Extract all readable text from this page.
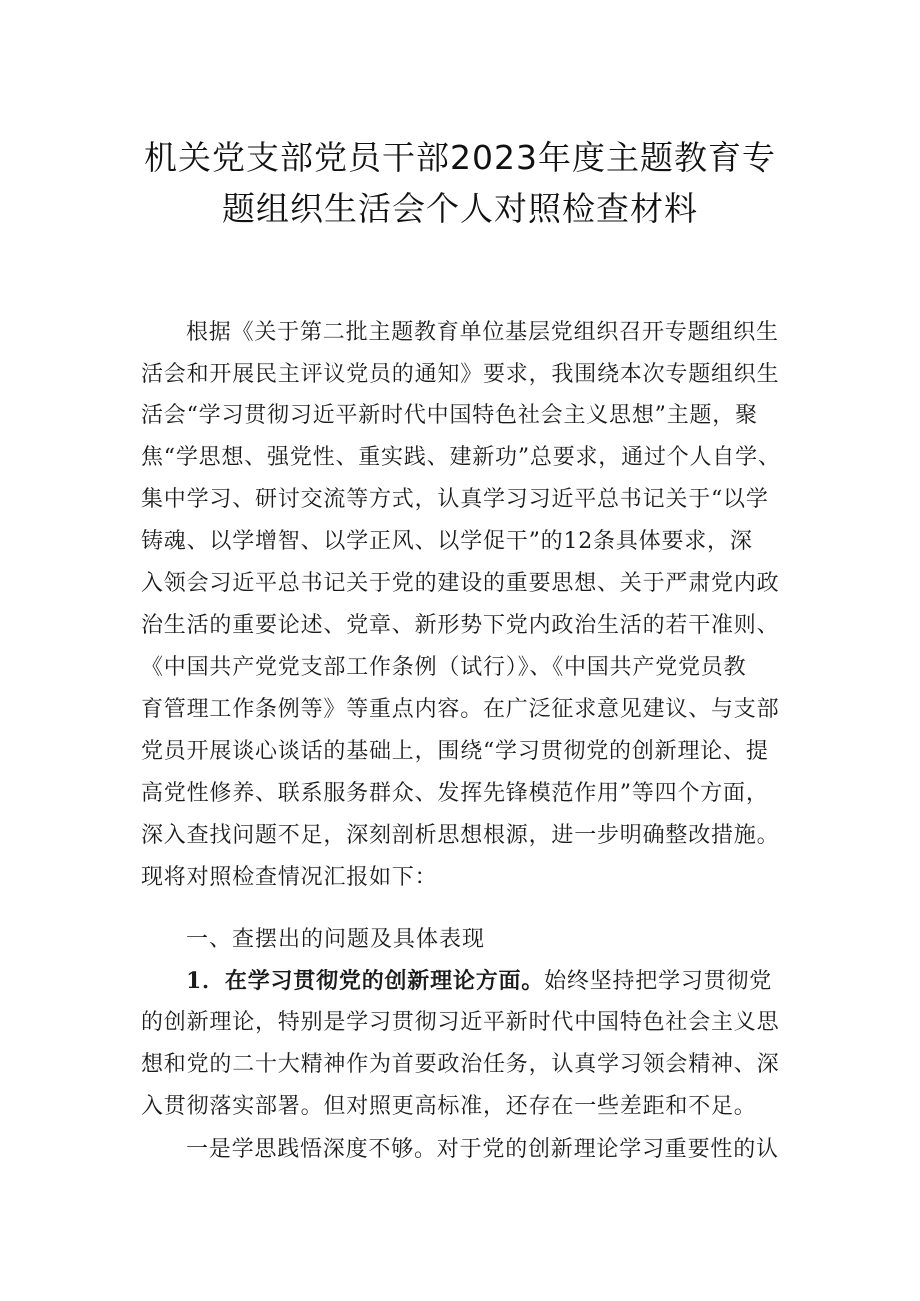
机关党支部党员干部2023年度主题教育专
题组织生活会个人对照检查材料
根据《关于第二批主题教育单位基层党组织召开专题组织生
活会和开展民主评议党员的通知》要求，我围绕本次专题组织生
活会“学习贯彻习近平新时代中国特色社会主义思想”主题，聚
焦“学思想、强党性、重实践、建新功”总要求，通过个人自学、
集中学习、研讨交流等方式，认真学习习近平总书记关于“以学
铸魂、以学增智、以学正风、以学促干”的12条具体要求，深
入领会习近平总书记关于党的建设的重要思想、关于严肃党内政
治生活的重要论述、党章、新形势下党内政治生活的若干准则、
《中国共产党党支部工作条例（试行）》、《中国共产党党员教
育管理工作条例等》等重点内容。在广泛征求意见建议、与支部
党员开展谈心谈话的基础上，围绕“学习贯彻党的创新理论、提
高党性修养、联系服务群众、发挥先锋模范作用”等四个方面，
深入查找问题不足，深刻剖析思想根源，进一步明确整改措施。
现将对照检查情况汇报如下：
一、查摆出的问题及具体表现
1．在学习贯彻党的创新理论方面。始终坚持把学习贯彻党
的创新理论，特别是学习贯彻习近平新时代中国特色社会主义思
想和党的二十大精神作为首要政治任务，认真学习领会精神、深
入贯彻落实部署。但对照更高标准，还存在一些差距和不足。
一是学思践悟深度不够。对于党的创新理论学习重要性的认
